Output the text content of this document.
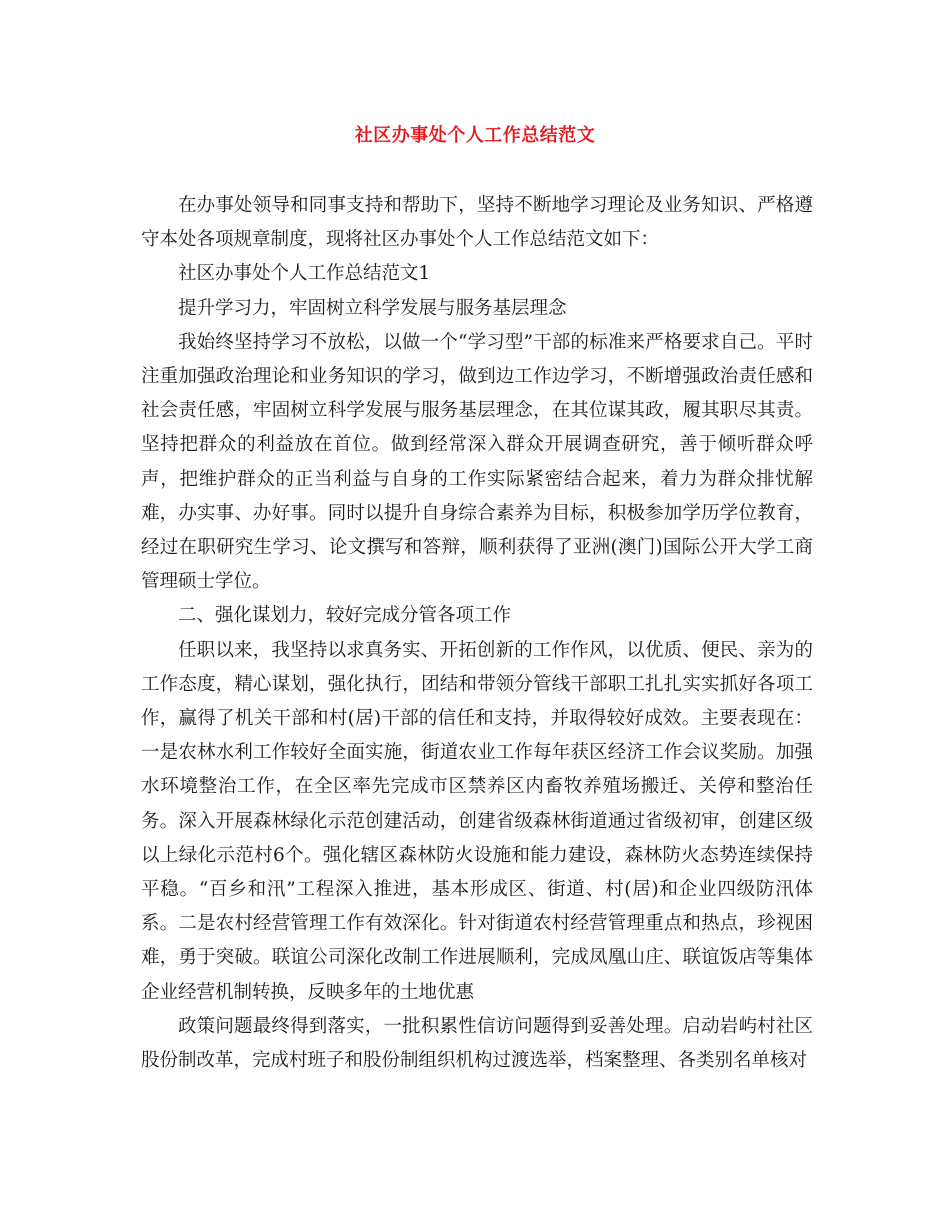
社区办事处个人工作总结范文

在办事处领导和同事支持和帮助下，坚持不断地学习理论及业务知识、严格遵守本处各项规章制度，现将社区办事处个人工作总结范文如下：

社区办事处个人工作总结范文1

提升学习力，牢固树立科学发展与服务基层理念

我始终坚持学习不放松，以做一个“学习型”干部的标准来严格要求自己。平时注重加强政治理论和业务知识的学习，做到边工作边学习，不断增强政治责任感和社会责任感，牢固树立科学发展与服务基层理念，在其位谋其政，履其职尽其责。坚持把群众的利益放在首位。做到经常深入群众开展调查研究，善于倾听群众呼声，把维护群众的正当利益与自身的工作实际紧密结合起来，着力为群众排忧解难，办实事、办好事。同时以提升自身综合素养为目标，积极参加学历学位教育，经过在职研究生学习、论文撰写和答辩，顺利获得了亚洲(澳门)国际公开大学工商管理硕士学位。

二、强化谋划力，较好完成分管各项工作

任职以来，我坚持以求真务实、开拓创新的工作作风，以优质、便民、亲为的工作态度，精心谋划，强化执行，团结和带领分管线干部职工扎扎实实抓好各项工作，赢得了机关干部和村(居)干部的信任和支持，并取得较好成效。主要表现在：一是农林水利工作较好全面实施，街道农业工作每年获区经济工作会议奖励。加强水环境整治工作，在全区率先完成市区禁养区内畜牧养殖场搬迁、关停和整治任务。深入开展森林绿化示范创建活动，创建省级森林街道通过省级初审，创建区级以上绿化示范村6个。强化辖区森林防火设施和能力建设，森林防火态势连续保持平稳。“百乡和汛”工程深入推进，基本形成区、街道、村(居)和企业四级防汛体系。二是农村经营管理工作有效深化。针对街道农村经营管理重点和热点，珍视困难，勇于突破。联谊公司深化改制工作进展顺利，完成凤凰山庄、联谊饭店等集体企业经营机制转换，反映多年的土地优惠

政策问题最终得到落实，一批积累性信访问题得到妥善处理。启动岩屿村社区股份制改革，完成村班子和股份制组织机构过渡选举，档案整理、各类别名单核对
